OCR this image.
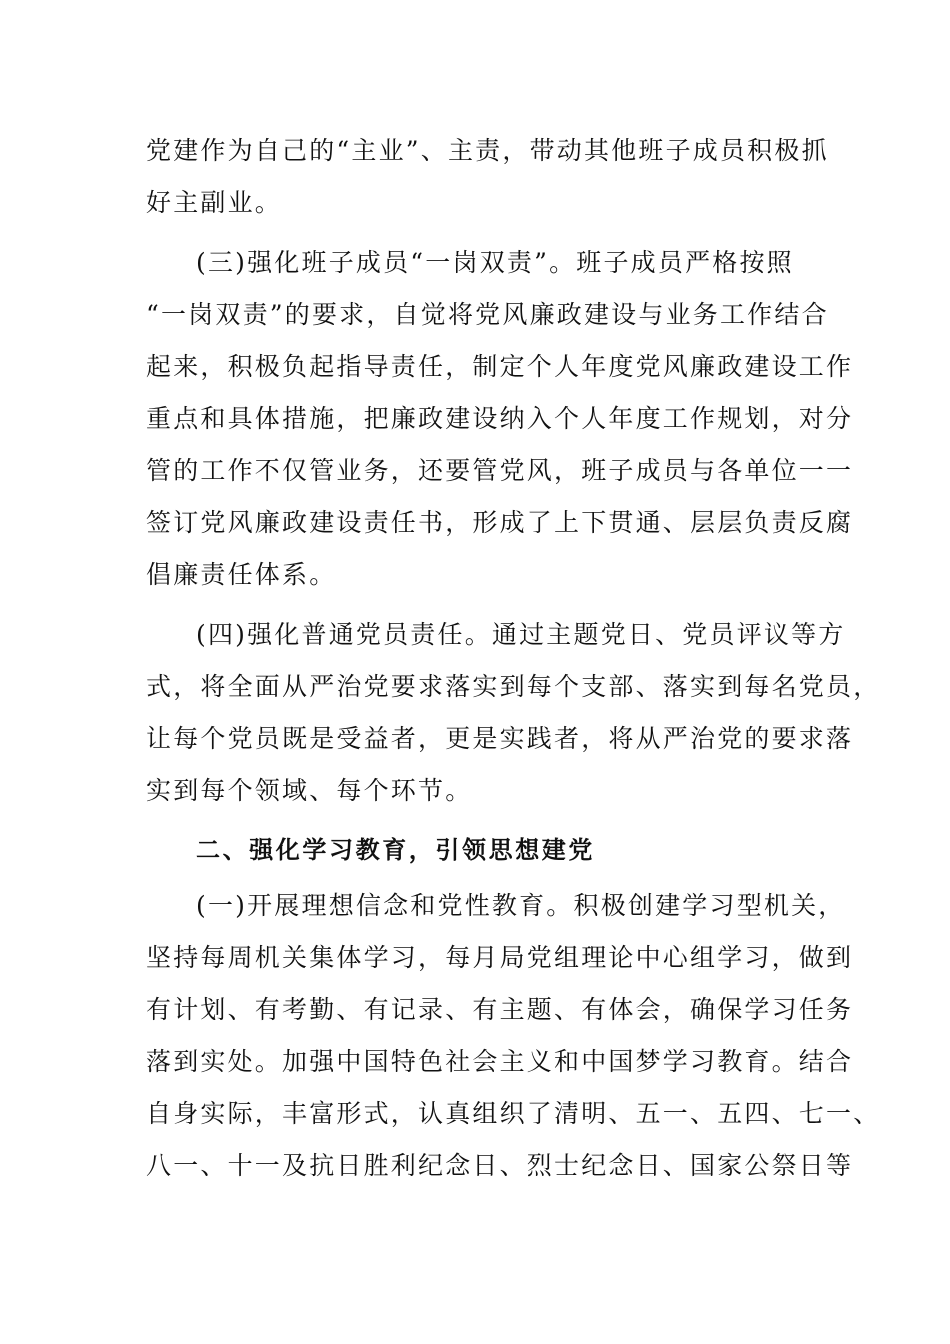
党建作为自己的“主业”、主责，带动其他班子成员积极抓
好主副业。
(三)强化班子成员“一岗双责”。班子成员严格按照
“一岗双责”的要求，自觉将党风廉政建设与业务工作结合
起来，积极负起指导责任，制定个人年度党风廉政建设工作
重点和具体措施，把廉政建设纳入个人年度工作规划，对分
管的工作不仅管业务，还要管党风，班子成员与各单位一一
签订党风廉政建设责任书，形成了上下贯通、层层负责反腐
倡廉责任体系。
(四)强化普通党员责任。通过主题党日、党员评议等方
式，将全面从严治党要求落实到每个支部、落实到每名党员，
让每个党员既是受益者，更是实践者，将从严治党的要求落
实到每个领域、每个环节。
二、强化学习教育，引领思想建党
(一)开展理想信念和党性教育。积极创建学习型机关，
坚持每周机关集体学习，每月局党组理论中心组学习，做到
有计划、有考勤、有记录、有主题、有体会，确保学习任务
落到实处。加强中国特色社会主义和中国梦学习教育。结合
自身实际，丰富形式，认真组织了清明、五一、五四、七一、
八一、十一及抗日胜利纪念日、烈士纪念日、国家公祭日等
